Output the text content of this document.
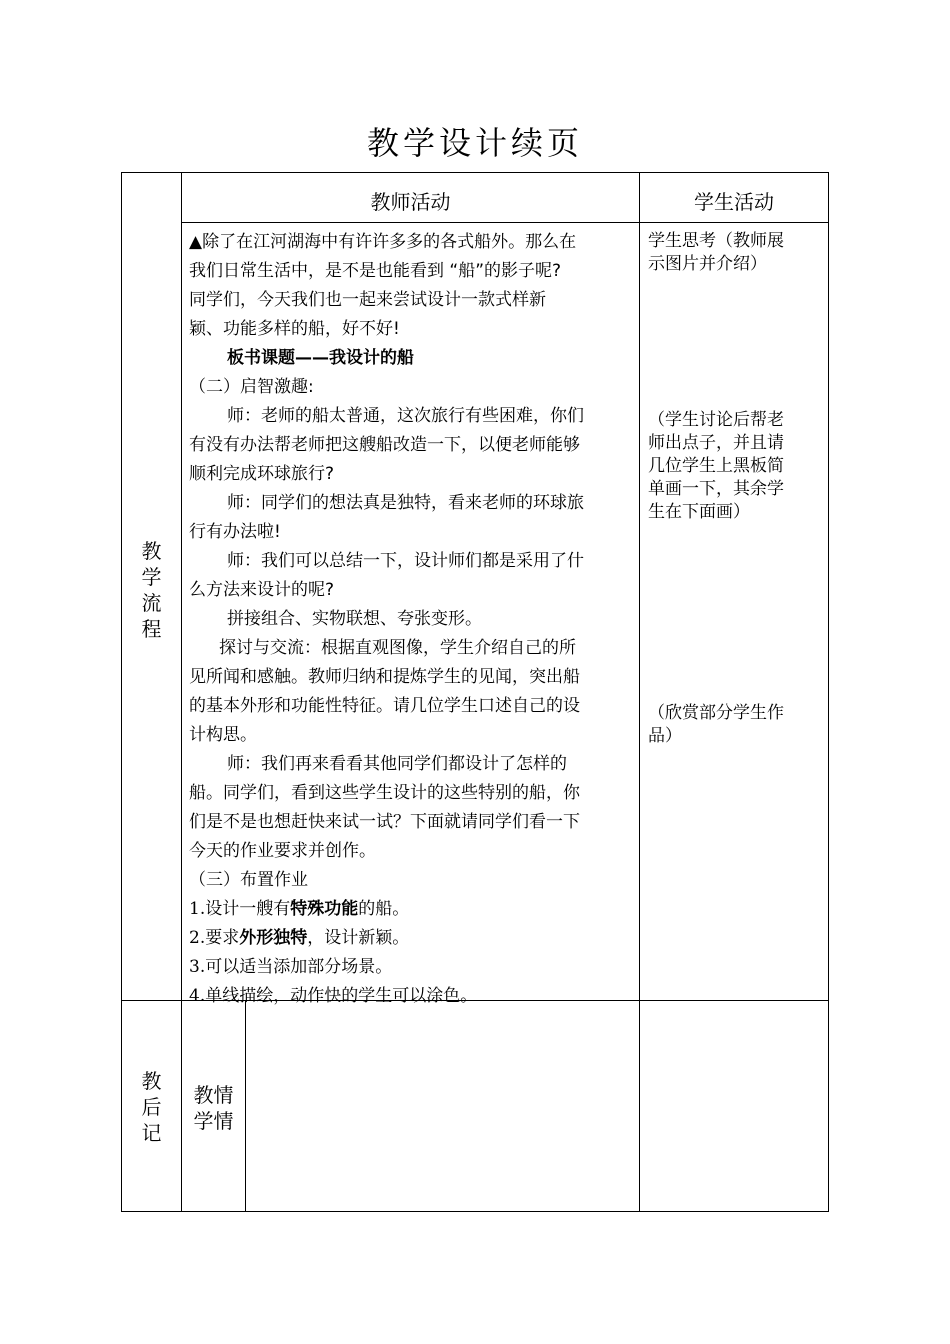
教学设计续页
教师活动	学生活动
教
学
流
程
教
后
记
教情
学情

▲除了在江河湖海中有许许多多的各式船外。那么在

我们日常生活中，是不是也能看到 “船”的影子呢?

同学们，今天我们也一起来尝试设计一款式样新

颖、功能多样的船，好不好!

板书课题——我设计的船

（二）启智激趣:

师：老师的船太普通，这次旅行有些困难，你们

有没有办法帮老师把这艘船改造一下，以便老师能够

顺利完成环球旅行?

师：同学们的想法真是独特，看来老师的环球旅

行有办法啦!

师：我们可以总结一下，设计师们都是采用了什

么方法来设计的呢?

拼接组合、实物联想、夸张变形。

探讨与交流：根据直观图像，学生介绍自己的所

见所闻和感触。教师归纳和提炼学生的见闻，突出船

的基本外形和功能性特征。请几位学生口述自己的设

计构思。

师：我们再来看看其他同学们都设计了怎样的

船。同学们，看到这些学生设计的这些特别的船，你

们是不是也想赶快来试一试？下面就请同学们看一下

今天的作业要求并创作。

（三）布置作业

1.设计一艘有特殊功能的船。

2.要求外形独特，设计新颖。

3.可以适当添加部分场景。

4.单线描绘，动作快的学生可以涂色。

学生思考（教师展

示图片并介绍）

（学生讨论后帮老

师出点子，并且请

几位学生上黑板简

单画一下，其余学

生在下面画）

（欣赏部分学生作

品）
